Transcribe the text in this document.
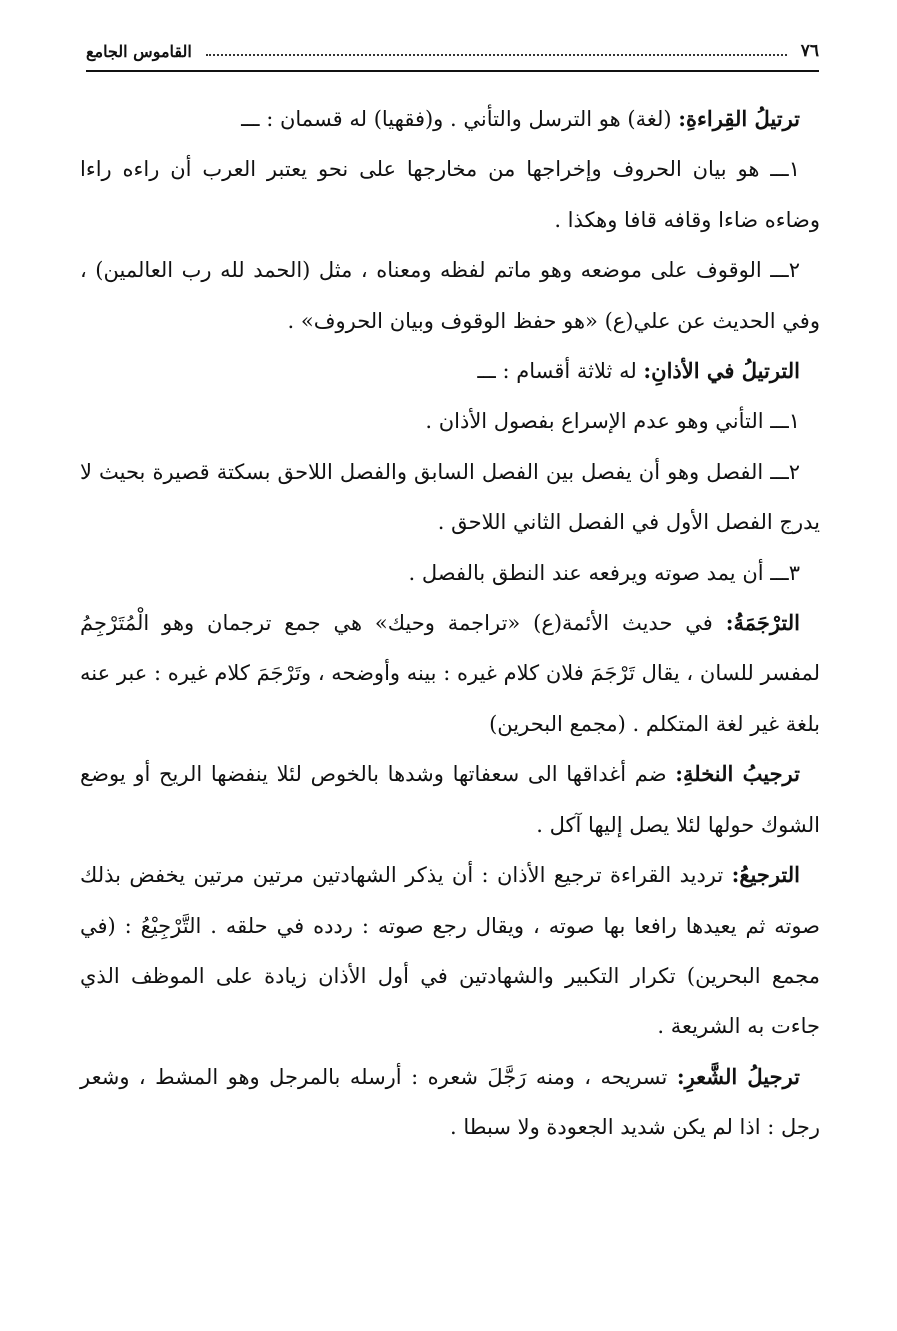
٧٦
القاموس الجامع

ترتيلُ القِراءةِ: (لغة) هو الترسل والتأني . و(فقهيا) له قسمان : ـــ

١ـــ هو بيان الحروف وإخراجها من مخارجها على نحو يعتبر العرب أن راءه راءا وضاءه ضاءا وقافه قافا وهكذا .

٢ـــ الوقوف على موضعه وهو ماتم لفظه ومعناه ، مثل (الحمد لله رب العالمين) ، وفي الحديث عن علي(ع) «هو حفظ الوقوف وبيان الحروف» .

الترتيلُ في الأذانِ: له ثلاثة أقسام : ـــ

١ـــ التأني وهو عدم الإسراع بفصول الأذان .

٢ـــ الفصل وهو أن يفصل بين الفصل السابق والفصل اللاحق بسكتة قصيرة بحيث لا يدرج الفصل الأول في الفصل الثاني اللاحق .

٣ـــ أن يمد صوته ويرفعه عند النطق بالفصل .

الترْجَمَةُ: في حديث الأئمة(ع) «تراجمة وحيك» هي جمع ترجمان وهو الْمُتَرْجِمُ لمفسر للسان ، يقال تَرْجَمَ فلان كلام غيره : بينه وأوضحه ، وتَرْجَمَ كلام غيره : عبر عنه بلغة غير لغة المتكلم . (مجمع البحرين)

ترجيبُ النخلةِ: ضم أغداقها الى سعفاتها وشدها بالخوص لئلا ينفضها الريح أو يوضع الشوك حولها لئلا يصل إليها آكل .

الترجيعُ: ترديد القراءة ترجيع الأذان : أن يذكر الشهادتين مرتين مرتين يخفض بذلك صوته ثم يعيدها رافعا بها صوته ، ويقال رجع صوته : ردده في حلقه . التَّرْجِيْعُ : (في مجمع البحرين) تكرار التكبير والشهادتين في أول الأذان زيادة على الموظف الذي جاءت به الشريعة .

ترجيلُ الشَّعرِ: تسريحه ، ومنه رَجَّلَ شعره : أرسله بالمرجل وهو المشط ، وشعر رجل : اذا لم يكن شديد الجعودة ولا سبطا .
